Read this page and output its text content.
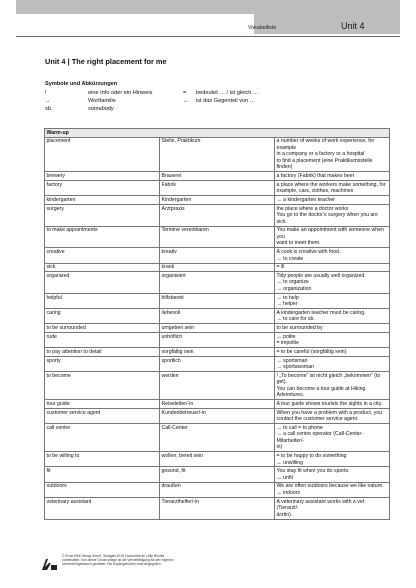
Vokabelliste	Unit 4
Unit 4 | The right placement for me
Symbole und Abkürzungen
!	eine Info oder ein Hinweis	= bedeutet … / ist gleich …
→	Wortfamilie	↔ ist das Gegenteil von …
sb.	somebody
Warm-up		
placement	Stelle, Praktikum	a number of weeks of work experience, for example
in a company or a factory or a hospital
to find a placement (eine Praktikumsstelle finden)

brewery	Brauerei	a factory (Fabrik) that makes beer

factory	Fabrik	a place where the workers make something, for
example, cars, clothes, machines

kindergarten	Kindergarten	→ a kindergarten teacher

surgery	Arztpraxis	the place where a doctor works
You go to the doctor’s surgery when you are sick.

to make appointments	Termine vereinbaren	You make an appointment with someone when you
want to meet them.

creative	kreativ	A cook is creative with food.
→ to create

sick	krank	= ill

organized	organisiert	Tidy people are usually well organized.
→ to organize
→ organization

helpful	hilfsbereit	→ to help
→ helper

caring	liebevoll	A kindergarten teacher must be caring.
→ to care for sb.

to be surrounded	umgeben sein	to be surrounded by

rude	unhöflich	↔ polite
= impolite

to pay attention to detail	sorgfältig sein	= to be careful (sorgfältig sein)

sporty	sportlich	→ sportsman
→ sportswoman

to become	werden	! „To become“ ist nicht gleich „bekommen“ (to get).
You can become a tour guide at Hiking Adventures.

tour guide	Reiseleiter/-in	A tour guide shows tourists the sights in a city.

customer service agent	Kundenbetreuer/-in	When you have a problem with a product, you
contact the customer service agent.

call centre	Call-Center	→ to call = to phone
→ a call centre operator (Call-Center-Mitarbeiter/-
in)

to be willing to	wollen, bereit sein	= to be happy to do something
↔ unwilling

fit	gesund, fit	You stay fit when you do sports.
↔ unfit

outdoors	draußen	We are often outdoors because we like nature.
↔ indoors

veterinary assistant	Tierarzthelfer/-in	A veterinary assistant works with a vet (Tierarzt/-
ärztin).
© Ernst Klett Verlag GmbH, Stuttgart 2015 | www.klett.de | Alle Rechte
vorbehalten. Von dieser Druckvorlage ist die Vervielfältigung für den eigenen
Unterrichtsgebrauch gestattet. Die Kopiergebühren sind abgegolten.
